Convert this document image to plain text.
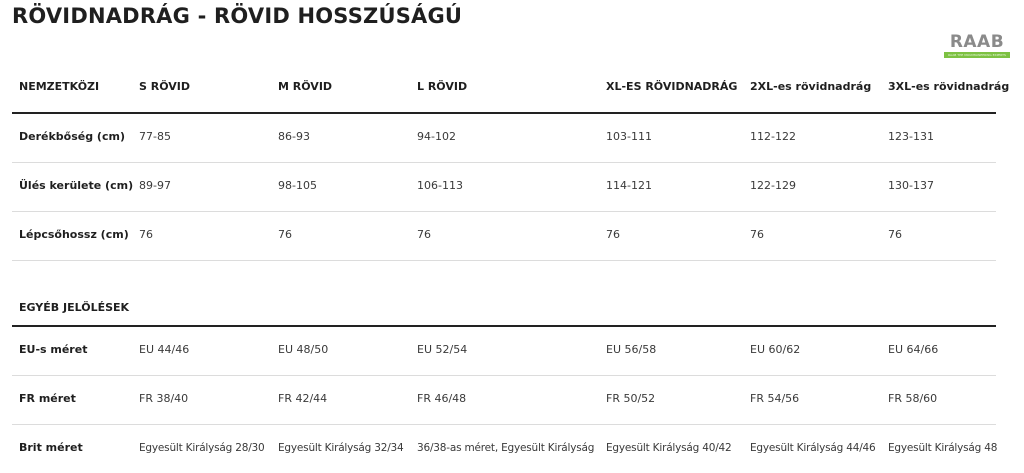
RÖVIDNADRÁG - RÖVID HOSSZÚSÁGÚ
RAAB
RAAB THE MOUNTAINEERING EXPERTS
NEMZETKÖZI	S RÖVID	M RÖVID	L RÖVID	XL-ES RÖVIDNADRÁG	2XL-es rövidnadrág	3XL-es rövidnadrág
Derékbőség (cm)	77-85	86-93	94-102	103-111	112-122	123-131
Ülés kerülete (cm) 89-97	98-105	106-113	114-121	122-129	130-137
Lépcsőhossz (cm) 76	76	76	76	76	76
EGYÉB JELÖLÉSEK
EU-s méret	EU 44/46	EU 48/50	EU 52/54	EU 56/58	EU 60/62	EU 64/66
FR méret	FR 38/40	FR 42/44	FR 46/48	FR 50/52	FR 54/56	FR 58/60
Brit méret	Egyesült Királyság 28/30	Egyesült Királyság 32/34	36/38-as méret, Egyesült Királyság	Egyesült Királyság 40/42	Egyesült Királyság 44/46	Egyesült Királyság 48
